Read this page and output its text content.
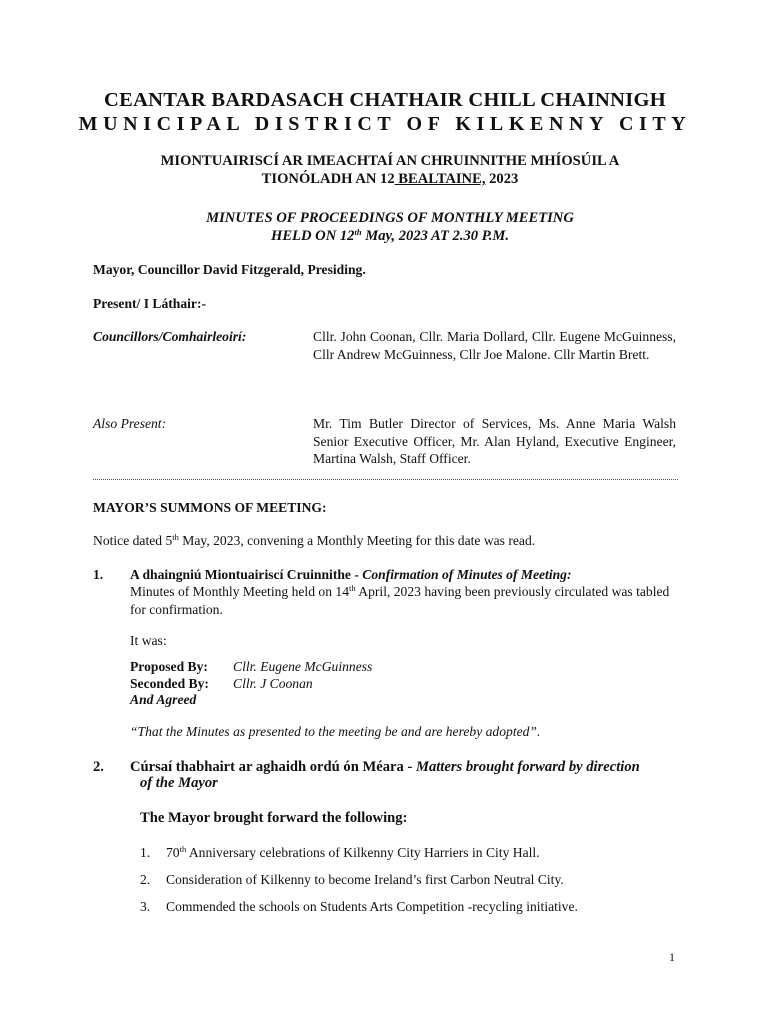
CEANTAR BARDASACH CHATHAIR CHILL CHAINNIGH
MUNICIPAL DISTRICT OF KILKENNY CITY
MIONTUAIRISCÍ AR IMEACHTAÍ AN CHRUINNITHE MHÍOSÚIL A
TIONÓLADH AN 12 BEALTAINE, 2023
MINUTES OF PROCEEDINGS OF MONTHLY MEETING
HELD ON 12th May, 2023 AT 2.30 P.M.
Mayor, Councillor David Fitzgerald, Presiding.
Present/ I Láthair:-
Councillors/Comhairleoirí:	Cllr. John Coonan, Cllr. Maria Dollard, Cllr. Eugene McGuinness, Cllr Andrew McGuinness, Cllr Joe Malone. Cllr Martin Brett.
Also Present:	Mr. Tim Butler Director of Services, Ms. Anne Maria Walsh Senior Executive Officer, Mr. Alan Hyland, Executive Engineer, Martina Walsh, Staff Officer.
MAYOR’S SUMMONS OF MEETING:
Notice dated 5th May, 2023, convening a Monthly Meeting for this date was read.
1. A dhaingniú Miontuairiscí Cruinnithe - Confirmation of Minutes of Meeting:
Minutes of Monthly Meeting held on 14th April, 2023 having been previously circulated was tabled for confirmation.
It was:
Proposed By: Cllr. Eugene McGuinness
Seconded By: Cllr. J Coonan
And Agreed
“That the Minutes as presented to the meeting be and are hereby adopted”.
2. Cúrsaí thabhairt ar aghaidh ordú ón Méara - Matters brought forward by direction
of the Mayor
The Mayor brought forward the following:
1. 70th Anniversary celebrations of Kilkenny City Harriers in City Hall.
2. Consideration of Kilkenny to become Ireland’s first Carbon Neutral City.
3. Commended the schools on Students Arts Competition -recycling initiative.
1
